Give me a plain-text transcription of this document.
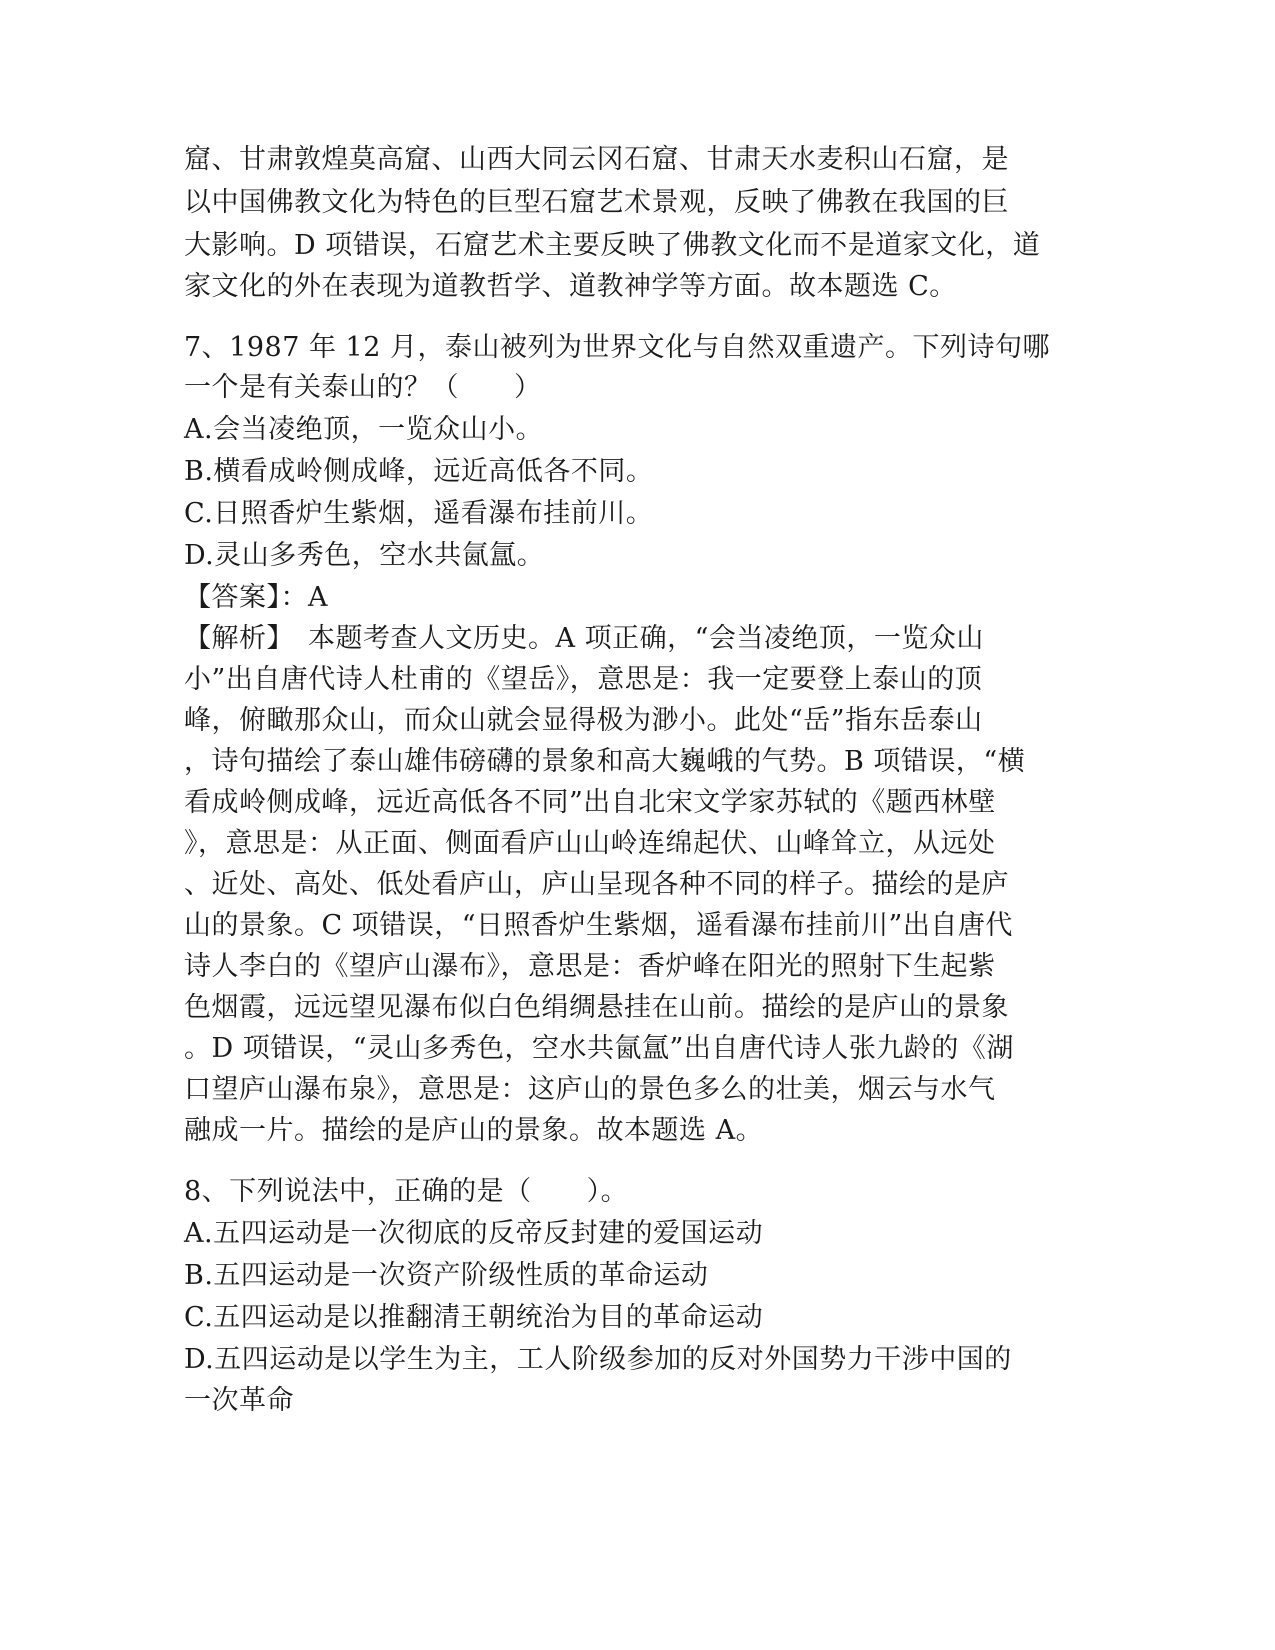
窟、甘肃敦煌莫高窟、山西大同云冈石窟、甘肃天水麦积山石窟，是
以中国佛教文化为特色的巨型石窟艺术景观，反映了佛教在我国的巨
大影响。D 项错误，石窟艺术主要反映了佛教文化而不是道家文化，道
家文化的外在表现为道教哲学、道教神学等方面。故本题选 C。
7、1987 年 12 月，泰山被列为世界文化与自然双重遗产。下列诗句哪
一个是有关泰山的？（　　）
A.会当凌绝顶，一览众山小。
B.横看成岭侧成峰，远近高低各不同。
C.日照香炉生紫烟，遥看瀑布挂前川。
D.灵山多秀色，空水共氤氲。
【答案】：A
【解析】　本题考查人文历史。A 项正确，“会当凌绝顶，一览众山
小”出自唐代诗人杜甫的《望岳》，意思是：我一定要登上泰山的顶
峰，俯瞰那众山，而众山就会显得极为渺小。此处“岳”指东岳泰山
，诗句描绘了泰山雄伟磅礴的景象和高大巍峨的气势。B 项错误，“横
看成岭侧成峰，远近高低各不同”出自北宋文学家苏轼的《题西林壁
》，意思是：从正面、侧面看庐山山岭连绵起伏、山峰耸立，从远处
、近处、高处、低处看庐山，庐山呈现各种不同的样子。描绘的是庐
山的景象。C 项错误，“日照香炉生紫烟，遥看瀑布挂前川”出自唐代
诗人李白的《望庐山瀑布》，意思是：香炉峰在阳光的照射下生起紫
色烟霞，远远望见瀑布似白色绢绸悬挂在山前。描绘的是庐山的景象
。D 项错误，“灵山多秀色，空水共氤氲”出自唐代诗人张九龄的《湖
口望庐山瀑布泉》，意思是：这庐山的景色多么的壮美，烟云与水气
融成一片。描绘的是庐山的景象。故本题选 A。
8、下列说法中，正确的是（　　）。
A.五四运动是一次彻底的反帝反封建的爱国运动
B.五四运动是一次资产阶级性质的革命运动
C.五四运动是以推翻清王朝统治为目的革命运动
D.五四运动是以学生为主，工人阶级参加的反对外国势力干涉中国的
一次革命
